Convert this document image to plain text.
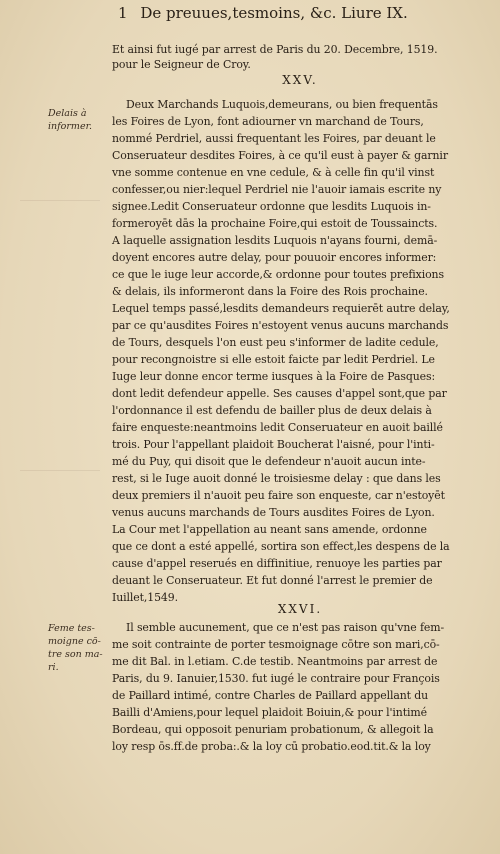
1 De preuues,tesmoins, &c. Liure IX.
Et ainsi fut iugé par arrest de Paris du 20. Decembre, 1519.
pour le Seigneur de Croy.
XXV.
Delais à informer.
Deux Marchands Luquois,demeurans, ou bien frequentās
les Foires de Lyon, font adiourner vn marchand de Tours,
nommé Perdriel, aussi frequentant les Foires, par deuant le
Conseruateur desdites Foires, à ce qu'il eust à payer & garnir
vne somme contenue en vne cedule, & à celle fin qu'il vinst
confesser,ou nier:lequel Perdriel nie l'auoir iamais escrite ny
signee.Ledit Conseruateur ordonne que lesdits Luquois in-
formeroyēt dās la prochaine Foire,qui estoit de Toussaincts.
A laquelle assignation lesdits Luquois n'ayans fourni, demā-
doyent encores autre delay, pour pouuoir encores informer:
ce que le iuge leur accorde,& ordonne pour toutes prefixions
& delais, ils informeront dans la Foire des Rois prochaine.
Lequel temps passé,lesdits demandeurs requierēt autre delay,
par ce qu'ausdites Foires n'estoyent venus aucuns marchands
de Tours, desquels l'on eust peu s'informer de ladite cedule,
pour recongnoistre si elle estoit faicte par ledit Perdriel. Le
Iuge leur donne encor terme iusques à la Foire de Pasques:
dont ledit defendeur appelle. Ses causes d'appel sont,que par
l'ordonnance il est defendu de bailler plus de deux delais à
faire enqueste:neantmoins ledit Conseruateur en auoit baillé
trois. Pour l'appellant plaidoit Boucherat l'aisné, pour l'inti-
mé du Puy, qui disoit que le defendeur n'auoit aucun inte-
rest, si le Iuge auoit donné le troisiesme delay : que dans les
deux premiers il n'auoit peu faire son enqueste, car n'estoyēt
venus aucuns marchands de Tours ausdites Foires de Lyon.
La Cour met l'appellation au neant sans amende, ordonne
que ce dont a esté appellé, sortira son effect,les despens de la
cause d'appel reserués en diffinitiue, renuoye les parties par
deuant le Conseruateur. Et fut donné l'arrest le premier de
Iuillet,1549.
XXVI.
Feme tes-moigne cō-tre son ma-ri.
Il semble aucunement, que ce n'est pas raison qu'vne fem-
me soit contrainte de porter tesmoignage cōtre son mari,cō-
me dit Bal. in l.etiam. C.de testib. Neantmoins par arrest de
Paris, du 9. Ianuier,1530. fut iugé le contraire pour François
de Paillard intimé, contre Charles de Paillard appellant du
Bailli d'Amiens,pour lequel plaidoit Boiuin,& pour l'intimé
Bordeau, qui opposoit penuriam probationum, & allegoit la
loy resp ōs.ff.de proba:.& la loy cū probatio.eod.tit.& la loy
